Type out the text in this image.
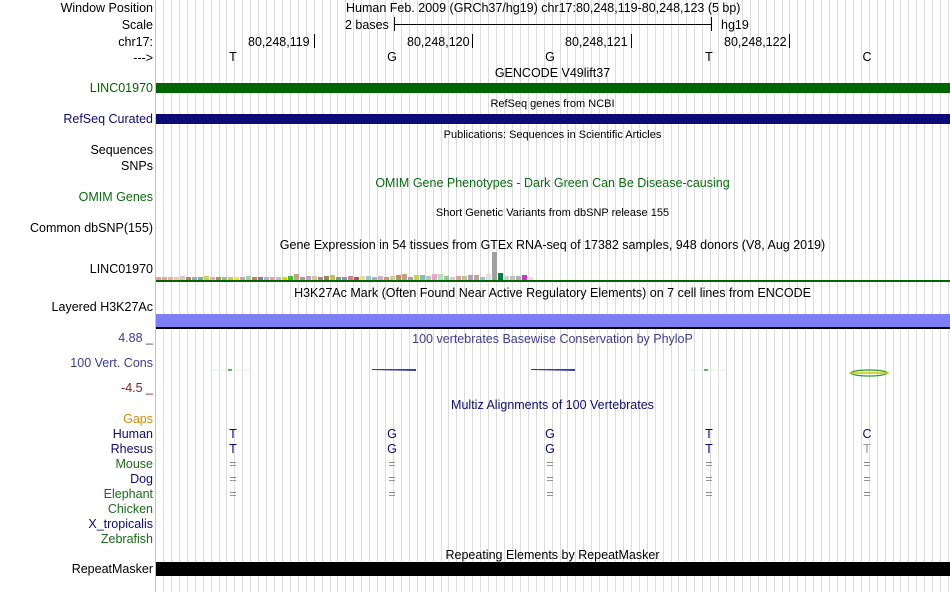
Window Position	Human Feb. 2009 (GRCh37/hg19) chr17:80,248,119-80,248,123 (5 bp)
Scale	2 bases	hg19
chr17:	80,248,119	80,248,120	80,248,121	80,248,122
--->	T	G	G	T	C
GENCODE V49lift37
LINC01970
RefSeq genes from NCBI
RefSeq Curated
Publications: Sequences in Scientific Articles
Sequences
SNPs
OMIM Gene Phenotypes - Dark Green Can Be Disease-causing
OMIM Genes
Short Genetic Variants from dbSNP release 155
Common dbSNP(155)
Gene Expression in 54 tissues from GTEx RNA-seq of 17382 samples, 948 donors (V8, Aug 2019)
LINC01970
H3K27Ac Mark (Often Found Near Active Regulatory Elements) on 7 cell lines from ENCODE
Layered H3K27Ac
100 vertebrates Basewise Conservation by PhyloP
4.88 _
100 Vert. Cons
-4.5 _
Multiz Alignments of 100 Vertebrates
Gaps
Human	T	G	G	T	C
Rhesus	T	G	G	T	T
Mouse	=	=	=	=	=
Dog	=	=	=	=	=
Elephant	=	=	=	=	=
Chicken
X_tropicalis
Zebrafish
Repeating Elements by RepeatMasker
RepeatMasker
